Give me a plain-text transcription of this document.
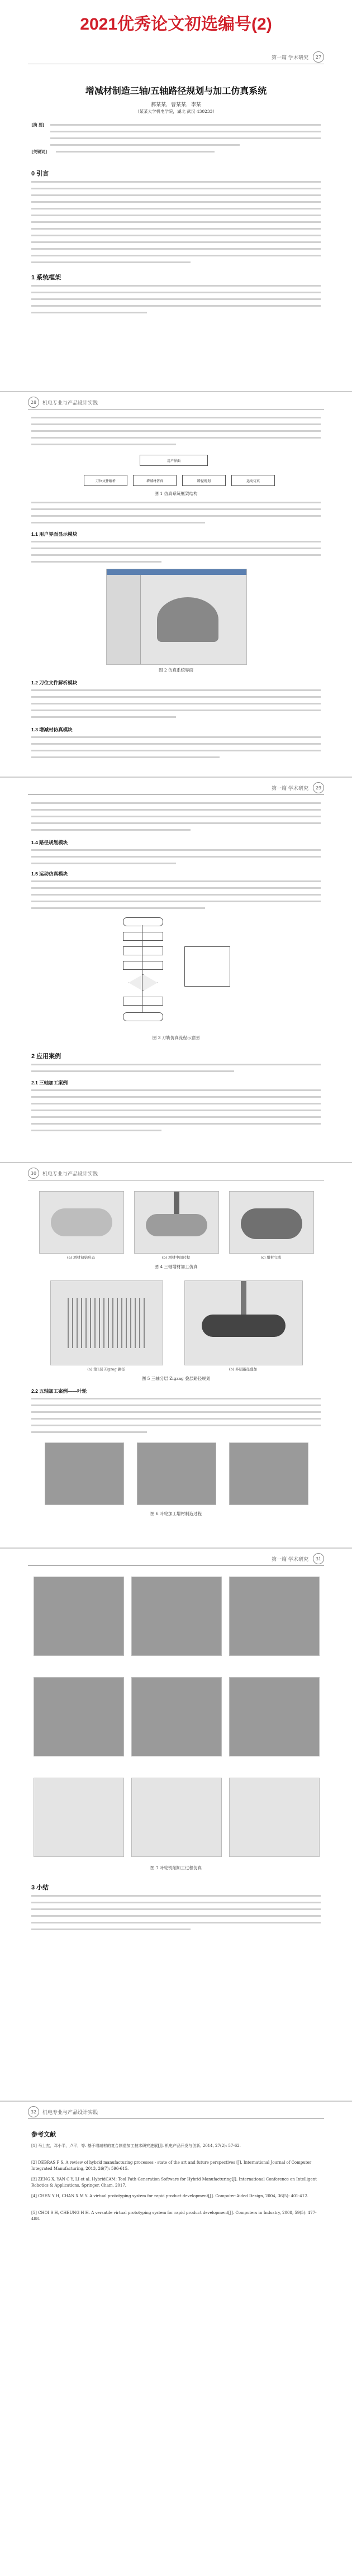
2021优秀论文初选编号(2)
第一篇 学术研究	27
增减材制造三轴/五轴路径规划与加工仿真系统
郝某某，曹某某，李某
（某某大学机电学院，湖北 武汉 430233）
[摘 要]
[关键词]
0 引言
1 系统框架
28	机电专业与产品设计实践
用户界面
刀位文件解析	增减材仿真	路径规划	运动仿真
图 1 仿真系统框架结构
1.1 用户界面显示模块
图 2 仿真系统界面
1.2 刀位文件解析模块
1.3 增减材仿真模块
第一篇 学术研究	29
1.4 路径规划模块
1.5 运动仿真模块
图 3 刀轨仿真流程示意图
2 应用案例
2.1 三轴加工案例
30	机电专业与产品设计实践
(a) 增材初始形态	(b) 增材中间过程	(c) 增材完成
图 4 三轴增材加工仿真
(a) 第1层 Zigzag 路径	(b) 多层路径叠加
图 5 三轴分层 Zigzag 叠层路径规划
2.2 五轴加工案例——叶轮
图 6 叶轮加工增材制造过程
第一篇 学术研究	31
图 7 叶轮铣削加工过程仿真
3 小结
32	机电专业与产品设计实践
参考文献
[1] 马士杰，邓小平，卢平，等. 基于增减材的复合制造加工技术研究进展[J]. 机电产品开发与创新, 2014, 27(2): 57-62.
[2] DEBRAS F S. A review of hybrid manufacturing processes - state of the art and future perspectives [J]. International Journal of Computer Integrated Manufacturing, 2013, 26(7): 596-615.
[3] ZENG X, YAN C Y, LI et al. HybridCAM: Tool Path Generation Software for Hybrid Manufacturing[J]. International Conference on Intelligent Robotics & Applications. Springer, Cham, 2017.
[4] CHEN Y H, CHAN X M Y. A virtual prototyping system for rapid product development[J]. Computer-Aided Design, 2004, 36(5): 401-412.
[5] CHOI S H, CHEUNG H H. A versatile virtual prototyping system for rapid product development[J]. Computers in Industry, 2008, 59(5): 477-488.
